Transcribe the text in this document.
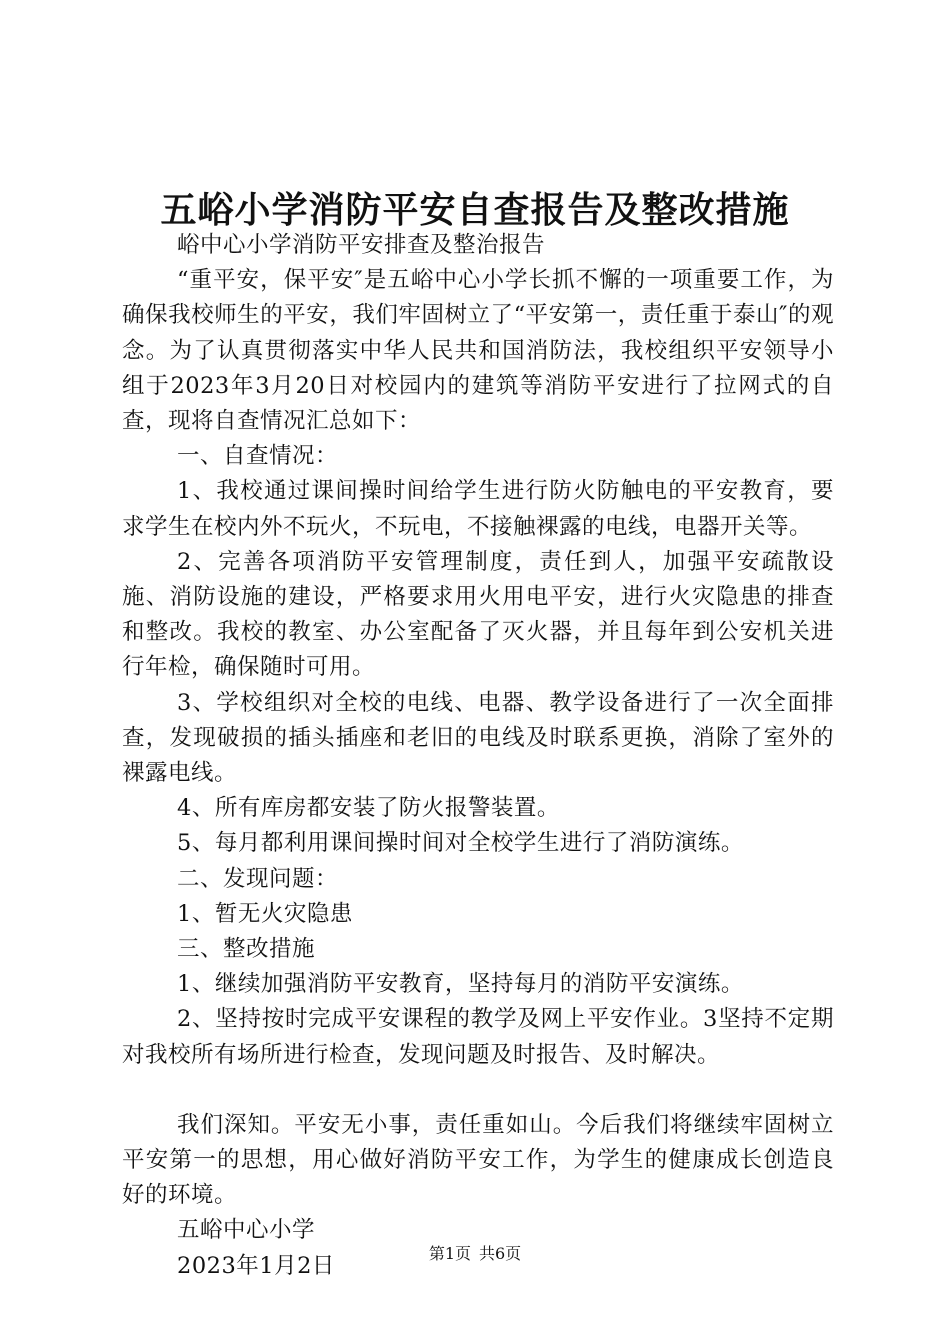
五峪小学消防平安自查报告及整改措施

峪中心小学消防平安排查及整治报告

“重平安，保平安″是五峪中心小学长抓不懈的一项重要工作，为确保我校师生的平安，我们牢固树立了“平安第一，责任重于泰山″的观念。为了认真贯彻落实中华人民共和国消防法，我校组织平安领导小组于2023年3月20日对校园内的建筑等消防平安进行了拉网式的自查，现将自查情况汇总如下：

一、自查情况：

1、我校通过课间操时间给学生进行防火防触电的平安教育，要求学生在校内外不玩火，不玩电，不接触裸露的电线，电器开关等。

2、完善各项消防平安管理制度，责任到人，加强平安疏散设施、消防设施的建设，严格要求用火用电平安，进行火灾隐患的排查和整改。我校的教室、办公室配备了灭火器，并且每年到公安机关进行年检，确保随时可用。

3、学校组织对全校的电线、电器、教学设备进行了一次全面排查，发现破损的插头插座和老旧的电线及时联系更换，消除了室外的裸露电线。

4、所有库房都安装了防火报警装置。

5、每月都利用课间操时间对全校学生进行了消防演练。

二、发现问题：

1、暂无火灾隐患

三、整改措施

1、继续加强消防平安教育，坚持每月的消防平安演练。

2、坚持按时完成平安课程的教学及网上平安作业。3坚持不定期对我校所有场所进行检查，发现问题及时报告、及时解决。

我们深知。平安无小事，责任重如山。今后我们将继续牢固树立平安第一的思想，用心做好消防平安工作，为学生的健康成长创造良好的环境。

五峪中心小学

2023年1月2日	第1页 共6页
